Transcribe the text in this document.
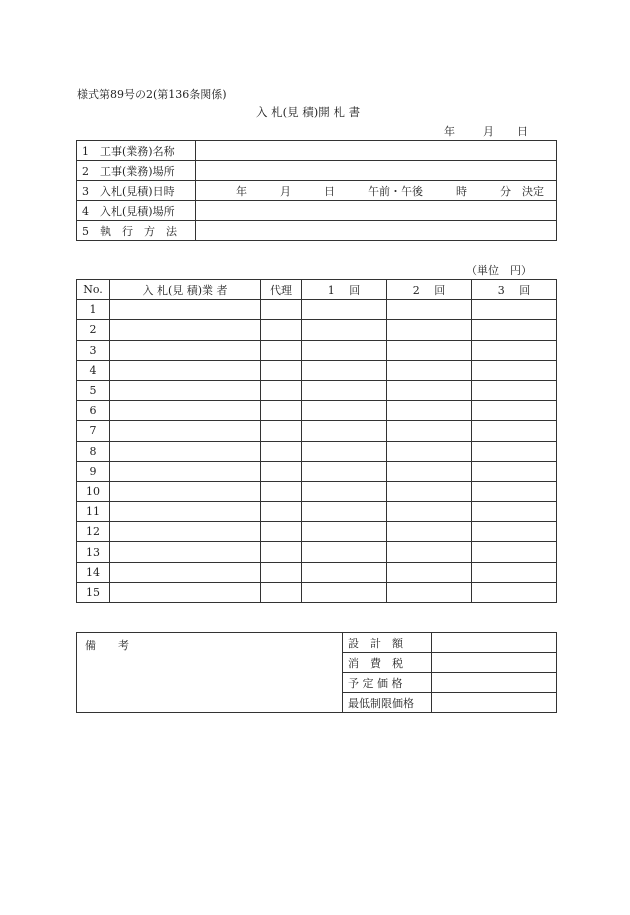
様式第89号の2(第136条関係)
入 札(見 積)開 札 書
年	月 日
1　工事(業務)名称	
2　工事(業務)場所	
3　入札(見積)日時	年　　　月　　　日　　　午前・午後　　　時　　　分　決定
4　入札(見積)場所	
5　執　行　方　法	
（単位　円）
No.	入 札(見 積)業 者	代理	1　 回	2　 回	3　 回
1					
2					
3					
4					
5					
6					
7					
8					
9					
10					
11					
12					
13					
14					
15					
備　　考	設　計　額	
	消　費　税	
	予 定 価 格	
	最低制限価格	
